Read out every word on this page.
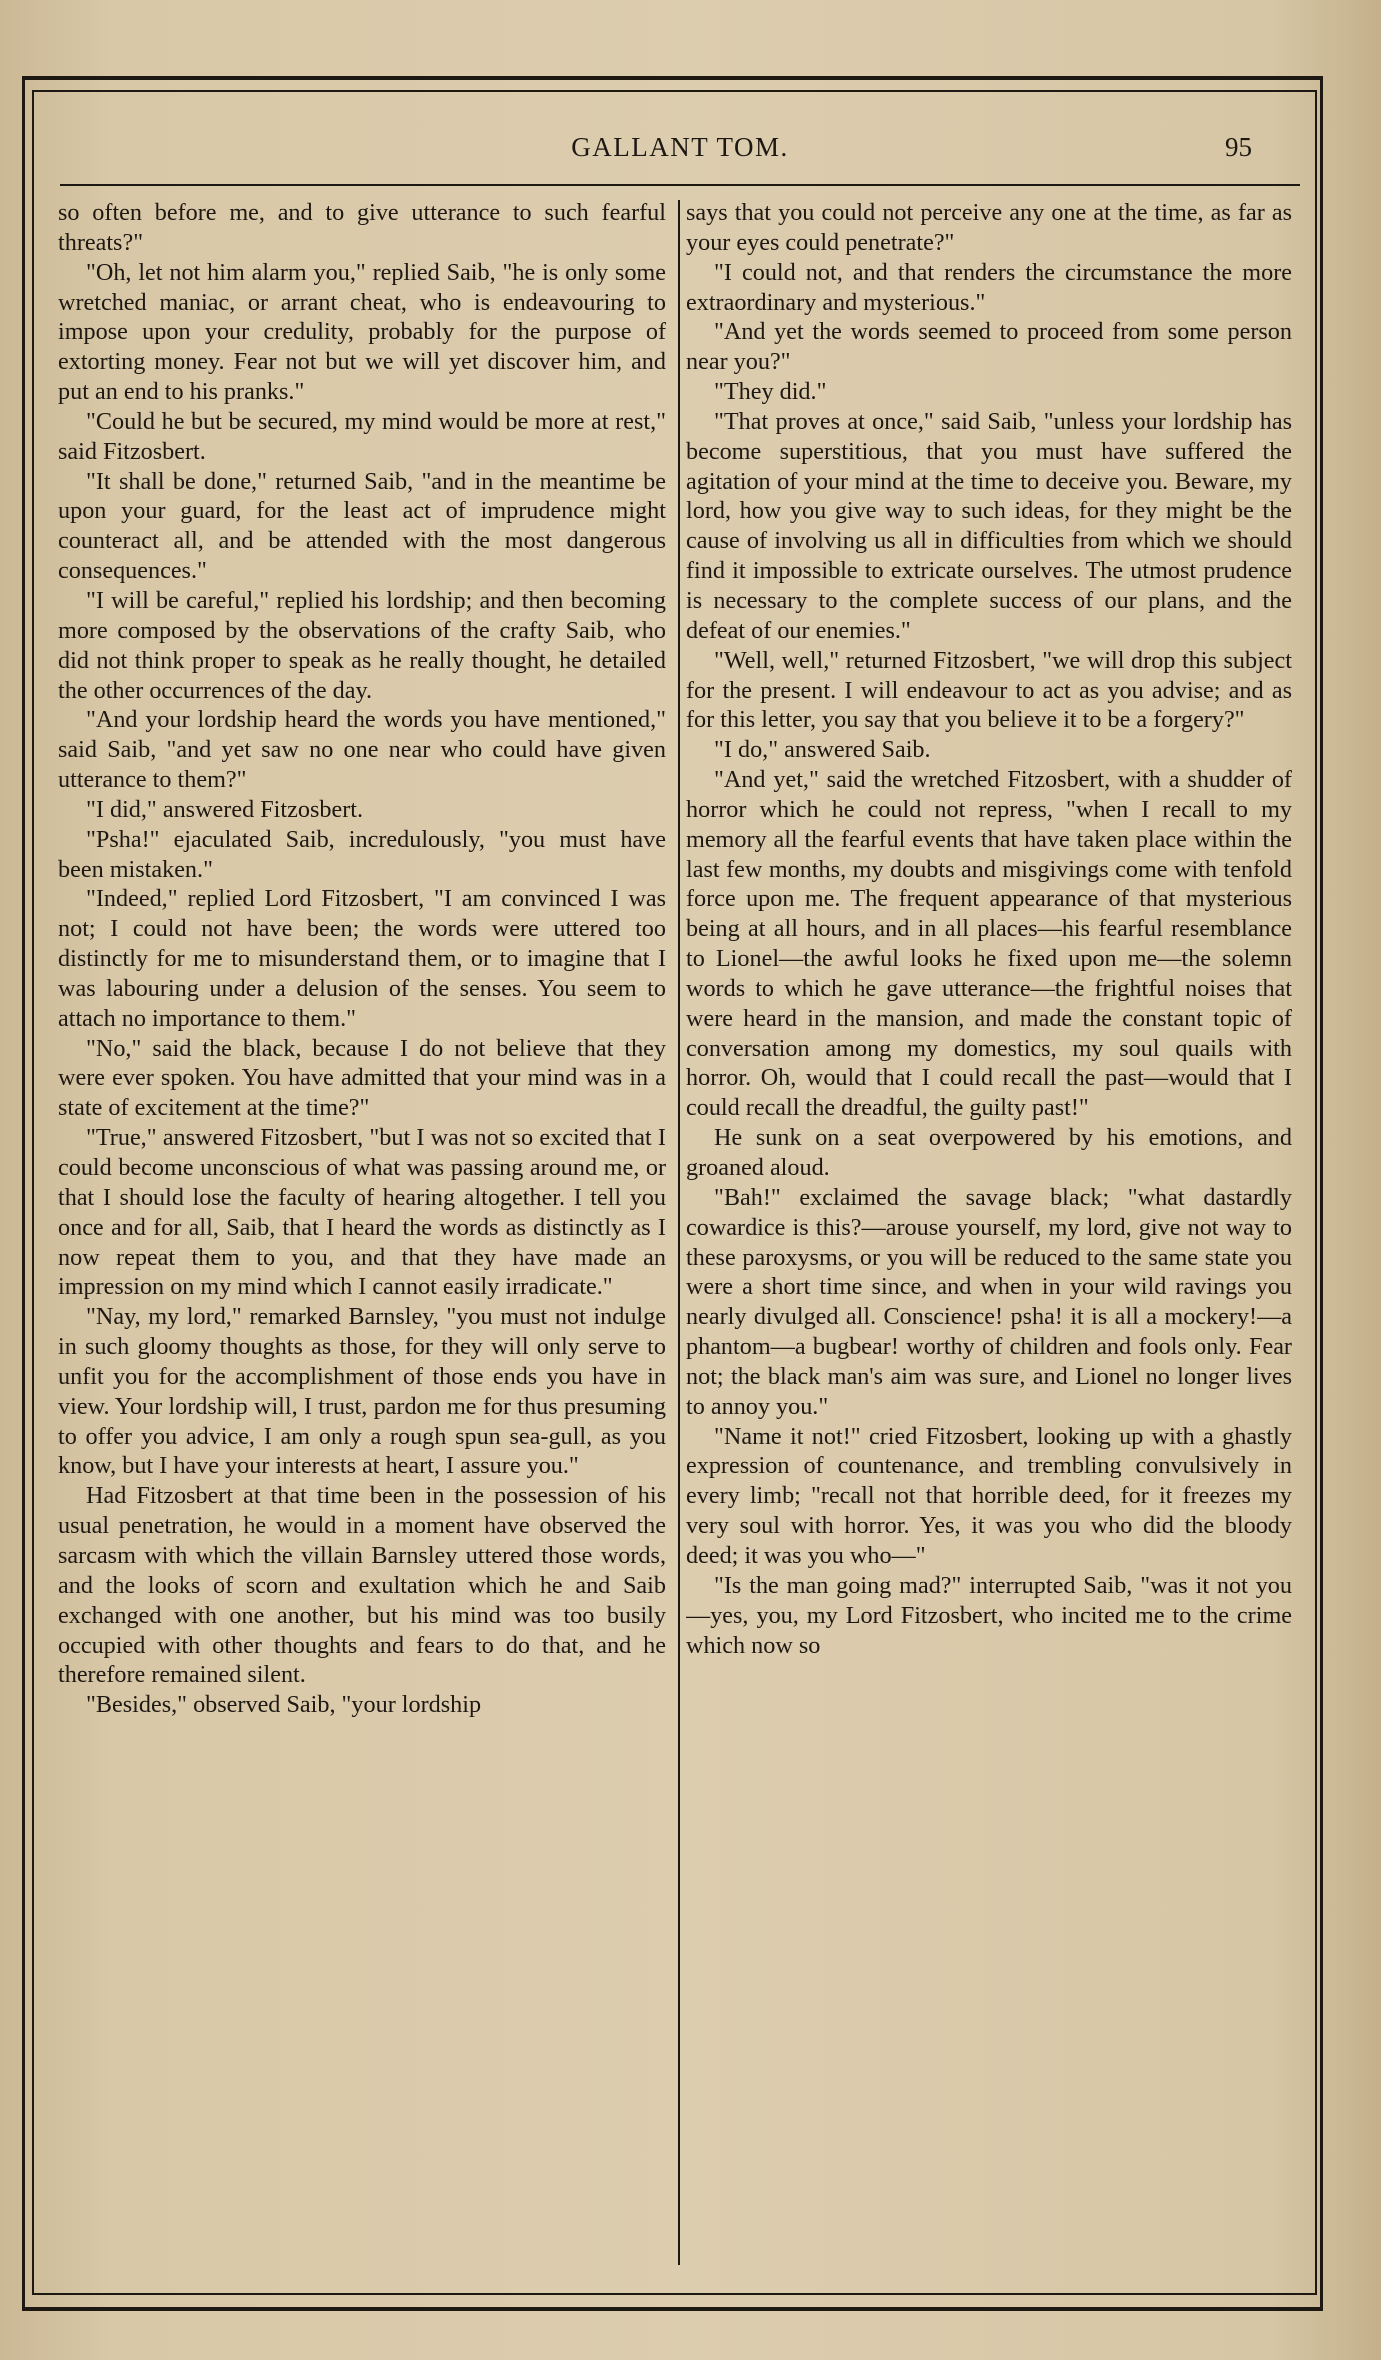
GALLANT TOM.	95

so often before me, and to give utterance to such fearful threats?"

"Oh, let not him alarm you," replied Saib, "he is only some wretched maniac, or arrant cheat, who is endeavouring to impose upon your credulity, probably for the purpose of extorting money. Fear not but we will yet discover him, and put an end to his pranks."

"Could he but be secured, my mind would be more at rest," said Fitzosbert.

"It shall be done," returned Saib, "and in the meantime be upon your guard, for the least act of imprudence might counteract all, and be attended with the most dangerous consequences."

"I will be careful," replied his lordship; and then becoming more composed by the observations of the crafty Saib, who did not think proper to speak as he really thought, he detailed the other occurrences of the day.

"And your lordship heard the words you have mentioned," said Saib, "and yet saw no one near who could have given utterance to them?"

"I did," answered Fitzosbert.

"Psha!" ejaculated Saib, incredulously, "you must have been mistaken."

"Indeed," replied Lord Fitzosbert, "I am convinced I was not; I could not have been; the words were uttered too distinctly for me to misunderstand them, or to imagine that I was labouring under a delusion of the senses. You seem to attach no importance to them."

"No," said the black, because I do not believe that they were ever spoken. You have admitted that your mind was in a state of excitement at the time?"

"True," answered Fitzosbert, "but I was not so excited that I could become unconscious of what was passing around me, or that I should lose the faculty of hearing altogether. I tell you once and for all, Saib, that I heard the words as distinctly as I now repeat them to you, and that they have made an impression on my mind which I cannot easily irradicate."

"Nay, my lord," remarked Barnsley, "you must not indulge in such gloomy thoughts as those, for they will only serve to unfit you for the accomplishment of those ends you have in view. Your lordship will, I trust, pardon me for thus presuming to offer you advice, I am only a rough spun sea-gull, as you know, but I have your interests at heart, I assure you."

Had Fitzosbert at that time been in the possession of his usual penetration, he would in a moment have observed the sarcasm with which the villain Barnsley uttered those words, and the looks of scorn and exultation which he and Saib exchanged with one another, but his mind was too busily occupied with other thoughts and fears to do that, and he therefore remained silent.

"Besides," observed Saib, "your lordship

says that you could not perceive any one at the time, as far as your eyes could penetrate?"

"I could not, and that renders the circumstance the more extraordinary and mysterious."

"And yet the words seemed to proceed from some person near you?"

"They did."

"That proves at once," said Saib, "unless your lordship has become superstitious, that you must have suffered the agitation of your mind at the time to deceive you. Beware, my lord, how you give way to such ideas, for they might be the cause of involving us all in difficulties from which we should find it impossible to extricate ourselves. The utmost prudence is necessary to the complete success of our plans, and the defeat of our enemies."

"Well, well," returned Fitzosbert, "we will drop this subject for the present. I will endeavour to act as you advise; and as for this letter, you say that you believe it to be a forgery?"

"I do," answered Saib.

"And yet," said the wretched Fitzosbert, with a shudder of horror which he could not repress, "when I recall to my memory all the fearful events that have taken place within the last few months, my doubts and misgivings come with tenfold force upon me. The frequent appearance of that mysterious being at all hours, and in all places—his fearful resemblance to Lionel—the awful looks he fixed upon me—the solemn words to which he gave utterance—the frightful noises that were heard in the mansion, and made the constant topic of conversation among my domestics, my soul quails with horror. Oh, would that I could recall the past—would that I could recall the dreadful, the guilty past!"

He sunk on a seat overpowered by his emotions, and groaned aloud.

"Bah!" exclaimed the savage black; "what dastardly cowardice is this?—arouse yourself, my lord, give not way to these paroxysms, or you will be reduced to the same state you were a short time since, and when in your wild ravings you nearly divulged all. Conscience! psha! it is all a mockery!—a phantom—a bugbear! worthy of children and fools only. Fear not; the black man's aim was sure, and Lionel no longer lives to annoy you."

"Name it not!" cried Fitzosbert, looking up with a ghastly expression of countenance, and trembling convulsively in every limb; "recall not that horrible deed, for it freezes my very soul with horror. Yes, it was you who did the bloody deed; it was you who—"

"Is the man going mad?" interrupted Saib, "was it not you—yes, you, my Lord Fitzosbert, who incited me to the crime which now so
